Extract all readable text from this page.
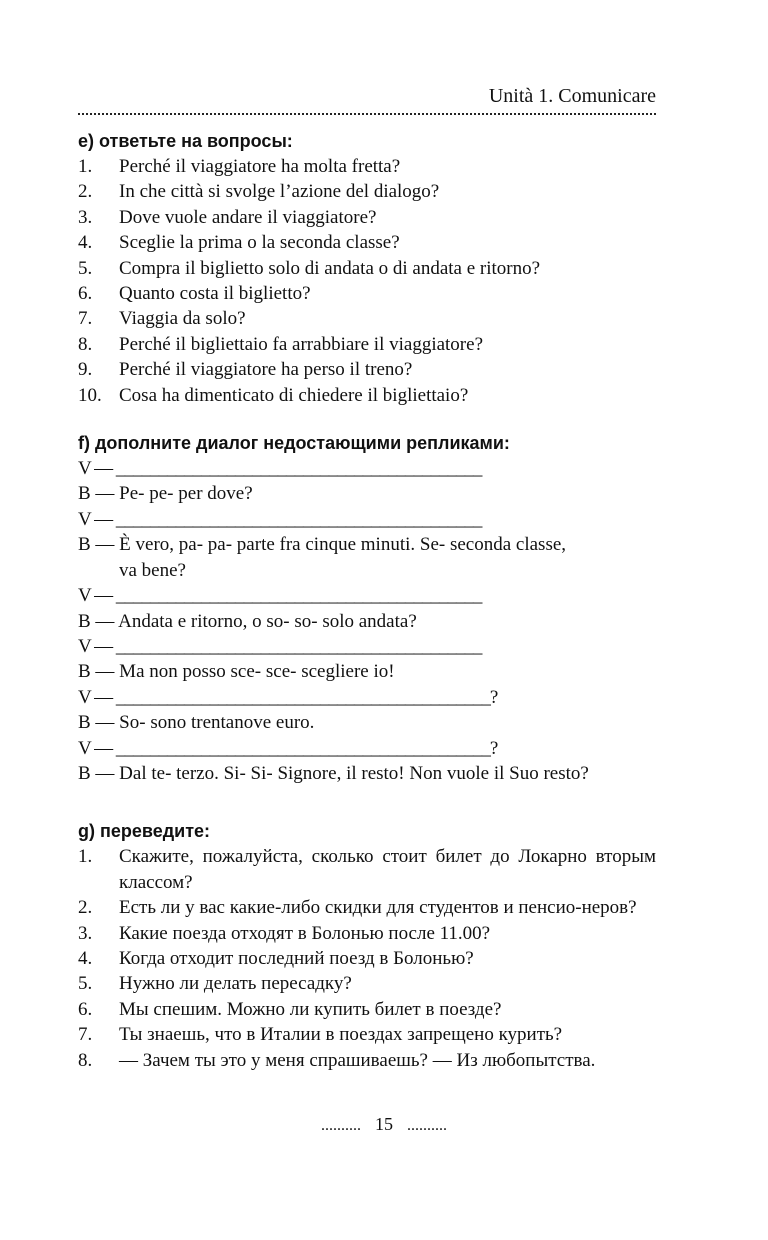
Unità 1. Comunicare

e) ответьте на вопросы:

1. Perché il viaggiatore ha molta fretta?
2. In che città si svolge l’azione del dialogo?
3. Dove vuole andare il viaggiatore?
4. Sceglie la prima o la seconda classe?
5. Compra il biglietto solo di andata o di andata e ritorno?
6. Quanto costa il biglietto?
7. Viaggia da solo?
8. Perché il bigliettaio fa arrabbiare il viaggiatore?
9. Perché il viaggiatore ha perso il treno?
10. Cosa ha dimenticato di chiedere il bigliettaio?

f) дополните диалог недостающими репликами:

V — ___________________________________________
B — Pe- pe- per dove?
V — ___________________________________________
B — È vero, pa- pa- parte fra cinque minuti. Se- seconda classe,
va bene?
V — ___________________________________________
B — Andata e ritorno, o so- so- solo andata?
V — ___________________________________________
B — Ma non posso sce- sce- scegliere io!
V — ____________________________________________?
B — So- sono trentanove euro.
V — ____________________________________________?
B — Dal te- terzo. Si- Si- Signore, il resto! Non vuole il Suo resto?

g) переведите:

1. Скажите, пожалуйста, сколько стоит билет до Локарно вторым классом?
2. Есть ли у вас какие-либо скидки для студентов и пенсио-неров?
3. Какие поезда отходят в Болонью после 11.00?
4. Когда отходит последний поезд в Болонью?
5. Нужно ли делать пересадку?
6. Мы спешим. Можно ли купить билет в поезде?
7. Ты знаешь, что в Италии в поездах запрещено курить?
8. — Зачем ты это у меня спрашиваешь? — Из любопытства.
.......... 15 ..........
